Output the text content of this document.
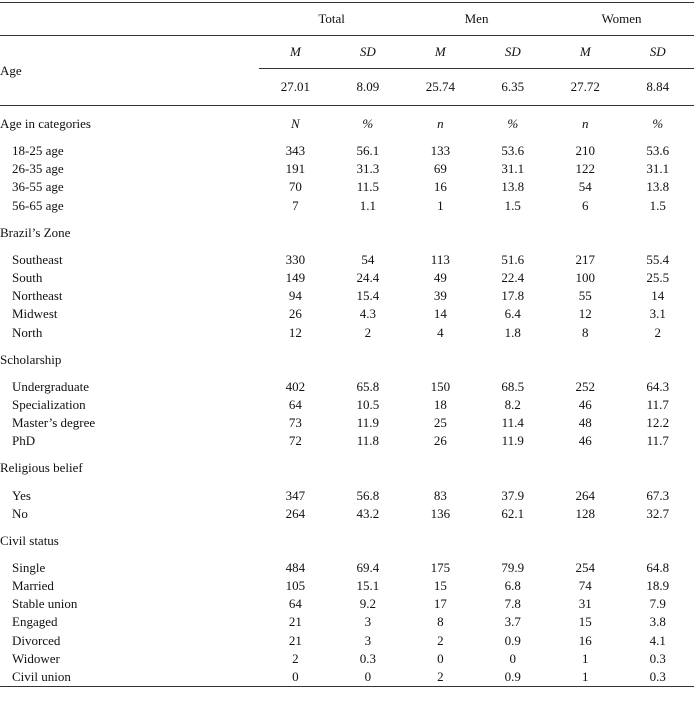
	Total		Men		Women	
Age	M	SD	M	SD	M	SD
	27.01	8.09	25.74	6.35	27.72	8.84
Age in categories	N	%	n	%	n	%
18-25 age	343	56.1	133	53.6	210	53.6
26-35 age	191	31.3	69	31.1	122	31.1
36-55 age	70	11.5	16	13.8	54	13.8
56-65 age	7	1.1	1	1.5	6	1.5
Brazil’s Zone						
Southeast	330	54	113	51.6	217	55.4
South	149	24.4	49	22.4	100	25.5
Northeast	94	15.4	39	17.8	55	14
Midwest	26	4.3	14	6.4	12	3.1
North	12	2	4	1.8	8	2
Scholarship						
Undergraduate	402	65.8	150	68.5	252	64.3
Specialization	64	10.5	18	8.2	46	11.7
Master’s degree	73	11.9	25	11.4	48	12.2
PhD	72	11.8	26	11.9	46	11.7
Religious belief						
Yes	347	56.8	83	37.9	264	67.3
No	264	43.2	136	62.1	128	32.7
Civil status						
Single	484	69.4	175	79.9	254	64.8
Married	105	15.1	15	6.8	74	18.9
Stable union	64	9.2	17	7.8	31	7.9
Engaged	21	3	8	3.7	15	3.8
Divorced	21	3	2	0.9	16	4.1
Widower	2	0.3	0	0	1	0.3
Civil union	0	0	2	0.9	1	0.3
